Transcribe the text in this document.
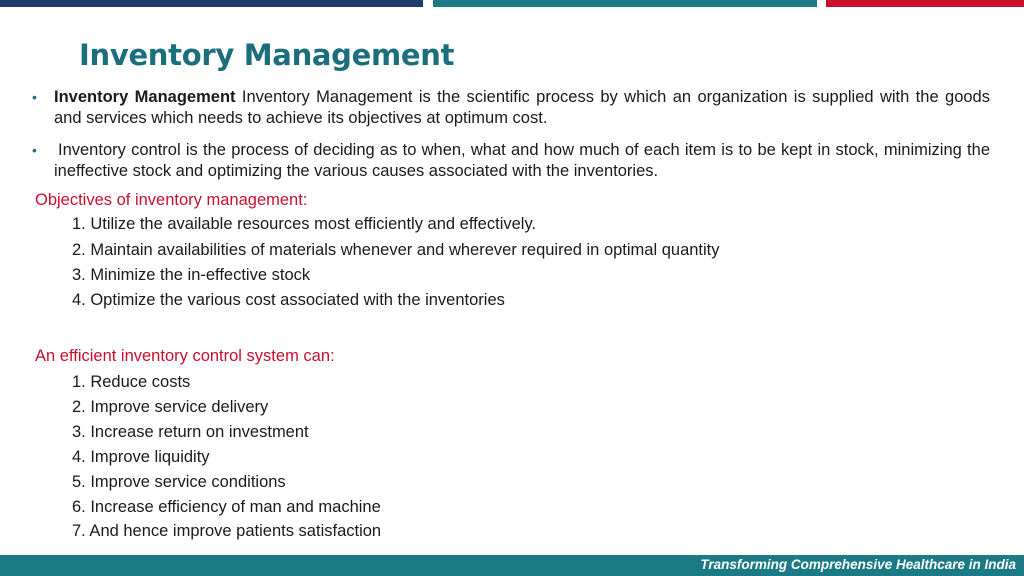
Inventory Management
• Inventory Management Inventory Management is the scientific process by which an organization is supplied with the goods and services which needs to achieve its objectives at optimum cost.
• Inventory control is the process of deciding as to when, what and how much of each item is to be kept in stock, minimizing the ineffective stock and optimizing the various causes associated with the inventories.
Objectives of inventory management:
1. Utilize the available resources most efficiently and effectively.
2. Maintain availabilities of materials whenever and wherever required in optimal quantity
3. Minimize the in-effective stock
4. Optimize the various cost associated with the inventories
An efficient inventory control system can:
1. Reduce costs
2. Improve service delivery
3. Increase return on investment
4. Improve liquidity
5. Improve service conditions
6. Increase efficiency of man and machine
7. And hence improve patients satisfaction
Transforming Comprehensive Healthcare in India
